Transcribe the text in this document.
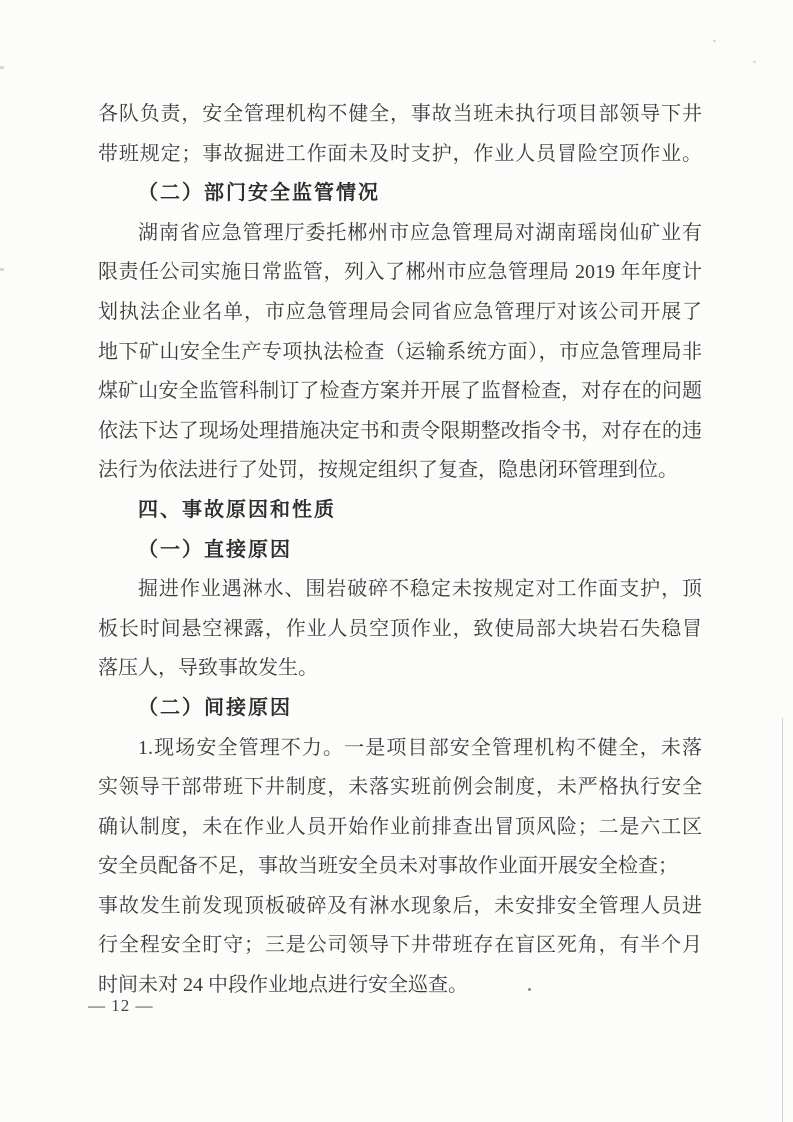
各队负责，安全管理机构不健全，事故当班未执行项目部领导下井
带班规定；事故掘进工作面未及时支护，作业人员冒险空顶作业。
（二）部门安全监管情况
湖南省应急管理厅委托郴州市应急管理局对湖南瑶岗仙矿业有
限责任公司实施日常监管，列入了郴州市应急管理局 2019 年年度计
划执法企业名单，市应急管理局会同省应急管理厅对该公司开展了
地下矿山安全生产专项执法检查（运输系统方面），市应急管理局非
煤矿山安全监管科制订了检查方案并开展了监督检查，对存在的问题
依法下达了现场处理措施决定书和责令限期整改指令书，对存在的违
法行为依法进行了处罚，按规定组织了复查，隐患闭环管理到位。
四、事故原因和性质
（一）直接原因
掘进作业遇淋水、围岩破碎不稳定未按规定对工作面支护，顶
板长时间悬空裸露，作业人员空顶作业，致使局部大块岩石失稳冒
落压人，导致事故发生。
（二）间接原因
1.现场安全管理不力。一是项目部安全管理机构不健全，未落
实领导干部带班下井制度，未落实班前例会制度，未严格执行安全
确认制度，未在作业人员开始作业前排查出冒顶风险；二是六工区
安全员配备不足，事故当班安全员未对事故作业面开展安全检查；
事故发生前发现顶板破碎及有淋水现象后，未安排安全管理人员进
行全程安全盯守；三是公司领导下井带班存在盲区死角，有半个月
时间未对 24 中段作业地点进行安全巡查。
— 12 —
